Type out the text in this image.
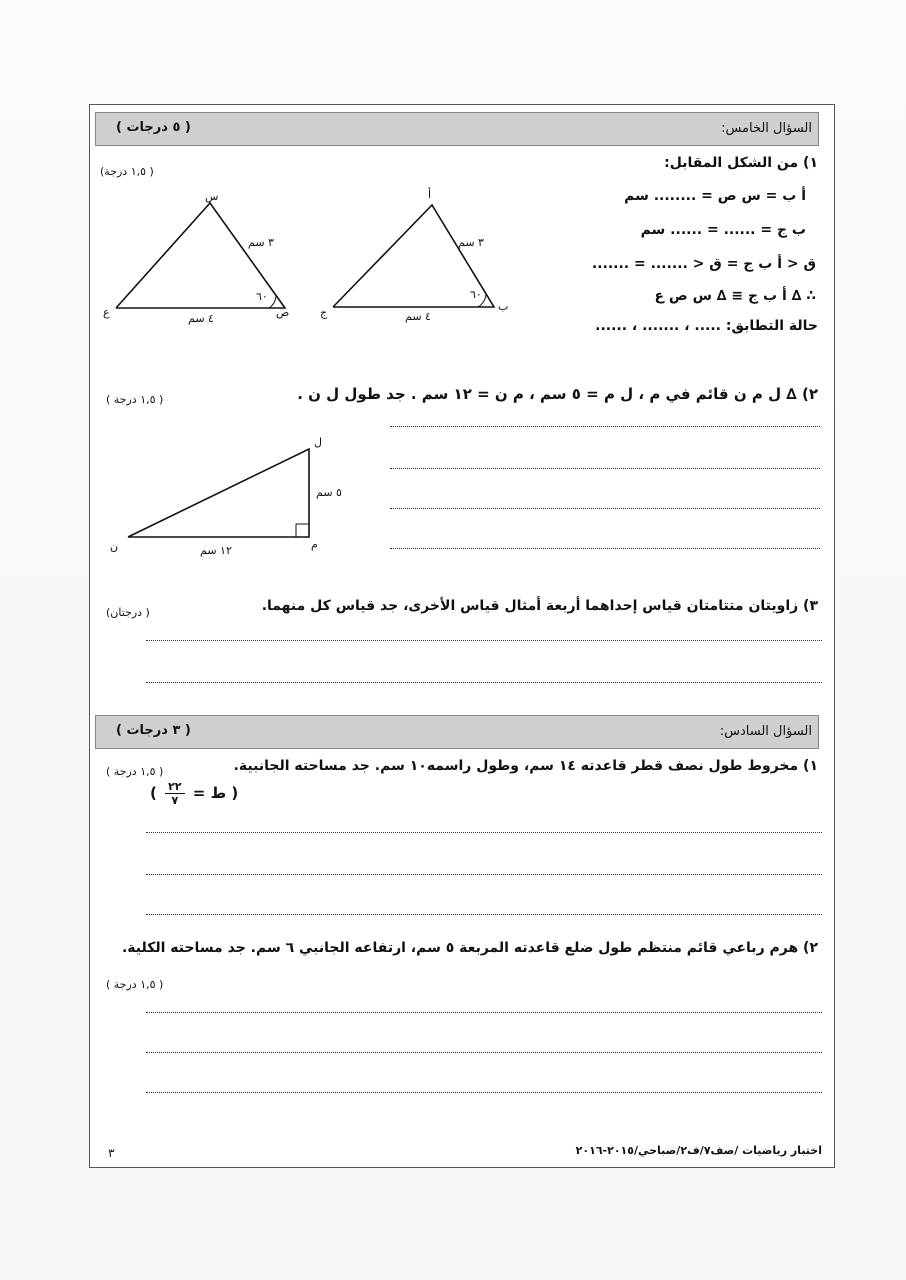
السؤال الخامس:
( ٥ درجات )
١) من الشكل المقابل:
( ١,٥ درجة)
أ ب = س ص = ........ سم
ب ج = ...... = ...... سم
ق < أ ب ج = ق < ....... = .......
∴ ∆ أ ب ج ≡ ∆ س ص ع
حالة التطابق: ..... ، ....... ، ......
أ
ج	ب
٣ سم
٤ سم
٦٠
س
ع	ص
٣ سم
٤ سم
٦٠
٢) ∆ ل م ن قائم في م ، ل م = ٥ سم ، م ن = ١٢ سم . جد طول ل ن .
( ١,٥ درجة )
ل
م
ن
٥ سم
١٢ سم
٣) زاويتان متتامتان قياس إحداهما أربعة أمثال قياس الأخرى، جد قياس كل منهما.
( درجتان)
السؤال السادس:
( ٣ درجات )
١) مخروط طول نصف قطر قاعدته ١٤ سم، وطول راسمه١٠ سم. جد مساحته الجانبية.
( ١,٥ درجة )
( ٢٢
٧ = ط )
٢) هرم رباعي قائم منتظم طول ضلع قاعدته المربعة ٥ سم، ارتفاعه الجانبي ٦ سم. جد مساحته الكلية.
( ١,٥ درجة )
اختبار رياضيات /صف٧/ف٢/صباحي/٢٠١٥-٢٠١٦
٣
